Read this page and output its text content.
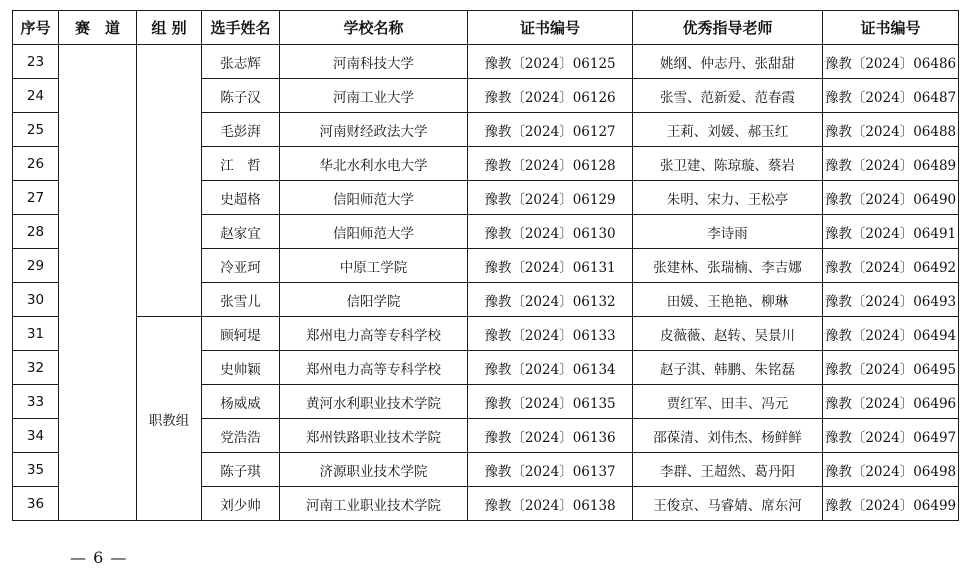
序号	赛　道	组 别	选手姓名	学校名称	证书编号	优秀指导老师	证书编号
23			张志辉	河南科技大学	豫教〔2024〕06125	姚纲、仲志丹、张甜甜	豫教〔2024〕06486
24			陈子汉	河南工业大学	豫教〔2024〕06126	张雪、范新爱、范春霞	豫教〔2024〕06487
25			毛彭湃	河南财经政法大学	豫教〔2024〕06127	王莉、刘媛、郝玉红	豫教〔2024〕06488
26			江　哲	华北水利水电大学	豫教〔2024〕06128	张卫建、陈琼璇、蔡岩	豫教〔2024〕06489
27			史超格	信阳师范大学	豫教〔2024〕06129	朱明、宋力、王松亭	豫教〔2024〕06490
28			赵家宜	信阳师范大学	豫教〔2024〕06130	李诗雨	豫教〔2024〕06491
29			冷亚珂	中原工学院	豫教〔2024〕06131	张建林、张瑞楠、李吉娜	豫教〔2024〕06492
30			张雪儿	信阳学院	豫教〔2024〕06132	田媛、王艳艳、柳琳	豫教〔2024〕06493
31		职教组	顾轲堤	郑州电力高等专科学校	豫教〔2024〕06133	皮薇薇、赵转、吴景川	豫教〔2024〕06494
32			史帅颖	郑州电力高等专科学校	豫教〔2024〕06134	赵子淇、韩鹏、朱铭磊	豫教〔2024〕06495
33			杨威威	黄河水利职业技术学院	豫教〔2024〕06135	贾红军、田丰、冯元	豫教〔2024〕06496
34			党浩浩	郑州铁路职业技术学院	豫教〔2024〕06136	邵葆清、刘伟杰、杨鲜鲜	豫教〔2024〕06497
35			陈子琪	济源职业技术学院	豫教〔2024〕06137	李群、王超然、葛丹阳	豫教〔2024〕06498
36			刘少帅	河南工业职业技术学院	豫教〔2024〕06138	王俊京、马睿婧、席东河	豫教〔2024〕06499
— 6 —
